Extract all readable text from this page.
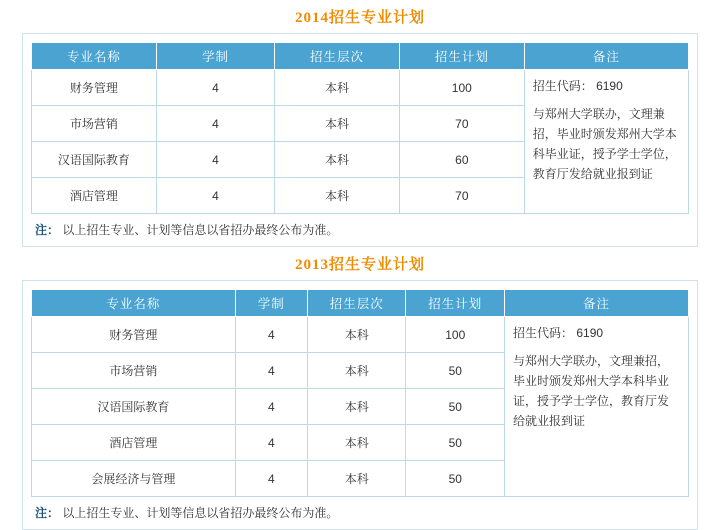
2014招生专业计划
专业名称	学制	招生层次	招生计划	备注
财务管理	4	本科	100	招生代码： 6190
与郑州大学联办，文理兼招，毕业时颁发郑州大学本科毕业证，授予学士学位，教育厅发给就业报到证

市场营销	4	本科	70	
汉语国际教育	4	本科	60	
酒店管理	4	本科	70	
注： 以上招生专业、计划等信息以省招办最终公布为准。
2013招生专业计划
专业名称	学制	招生层次	招生计划	备注
财务管理	4	本科	100	招生代码： 6190
与郑州大学联办，文理兼招，毕业时颁发郑州大学本科毕业证，授予学士学位，教育厅发给就业报到证

市场营销	4	本科	50	
汉语国际教育	4	本科	50	
酒店管理	4	本科	50	
会展经济与管理	4	本科	50	
注： 以上招生专业、计划等信息以省招办最终公布为准。
